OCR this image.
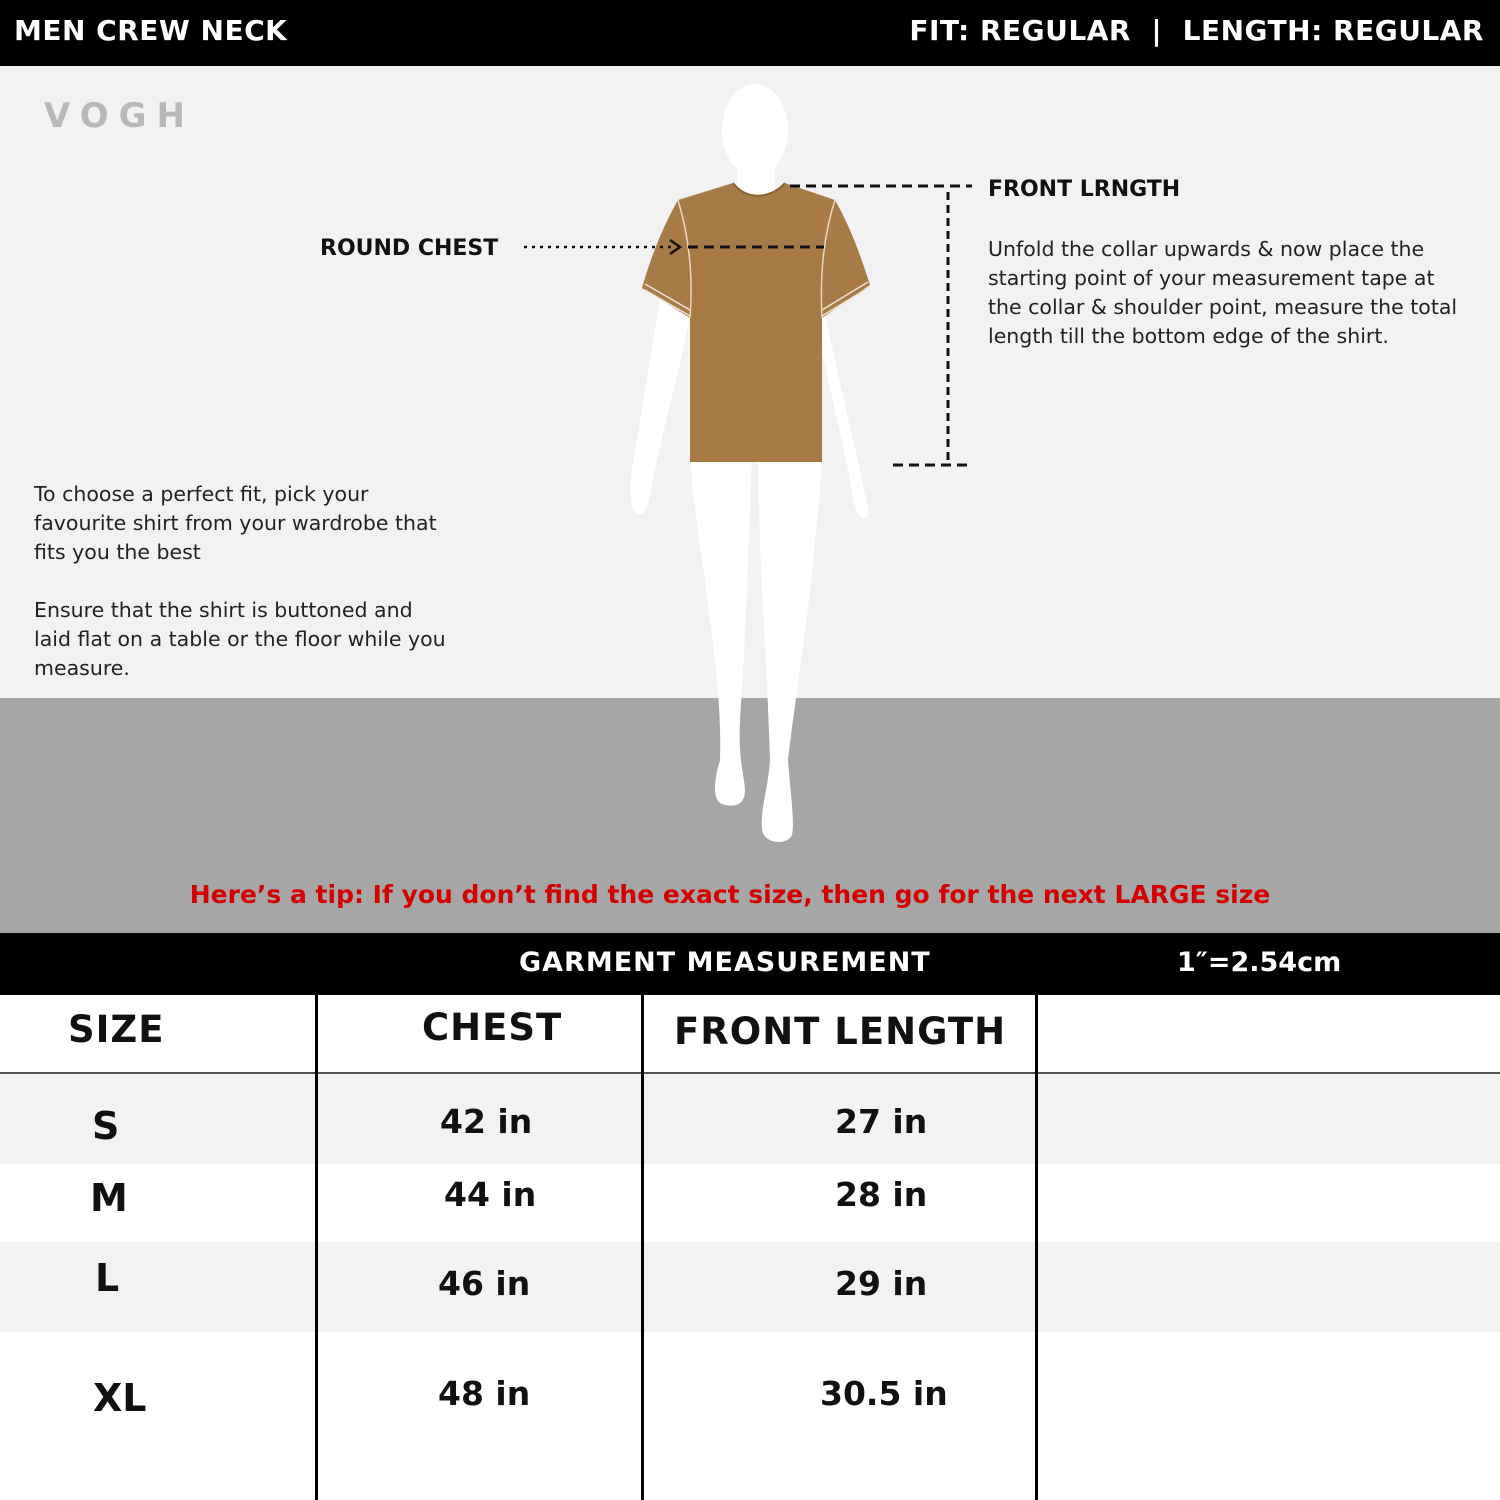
MEN CREW NECK	FIT: REGULAR  |  LENGTH: REGULAR
VOGH
ROUND CHEST
FRONT LRNGTH
Unfold the collar upwards & now place the starting point of your measurement tape at the collar & shoulder point, measure the total length till the bottom edge of the shirt.
To choose a perfect fit, pick your favourite shirt from your wardrobe that fits you the best
Ensure that the shirt is buttoned and laid flat on a table or the floor while you measure.
Here’s a tip: If you don’t find the exact size, then go for the next LARGE size
GARMENT MEASUREMENT	1″=2.54cm
SIZE	CHEST	FRONT LENGTH
S	42 in	27 in
M	44 in	28 in
L	46 in	29 in
XL	48 in	30.5 in
